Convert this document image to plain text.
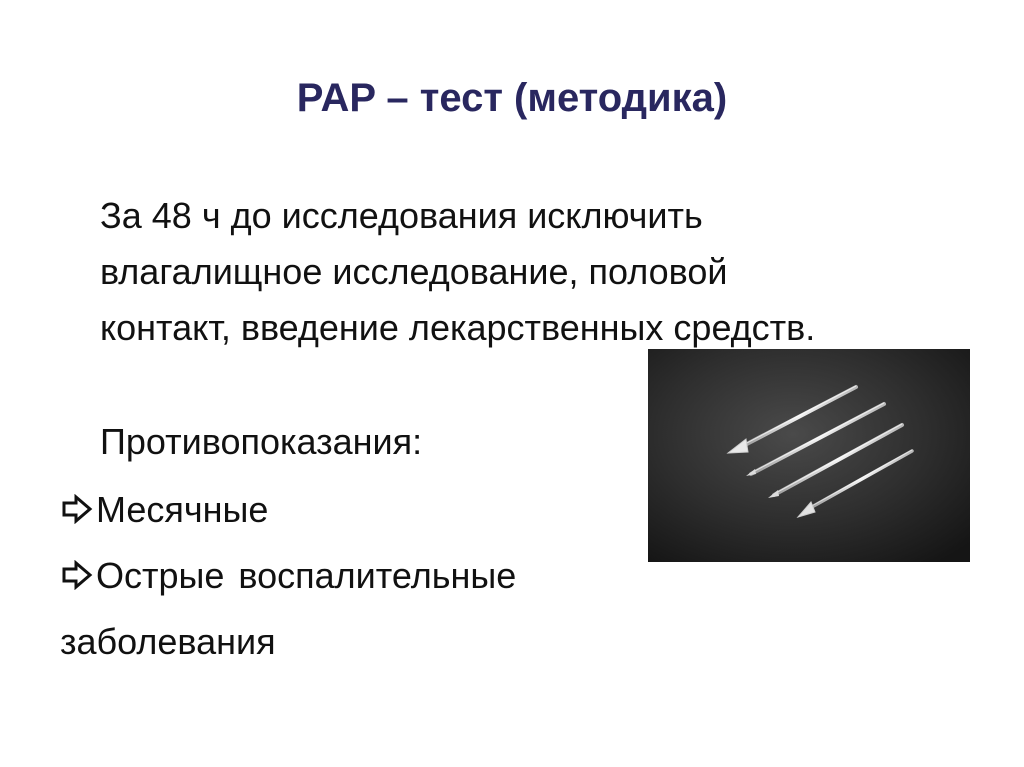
PAP – тест (методика)

За 48 ч до исследования исключить влагалищное исследование, половой контакт, введение лекарственных средств.

Противопоказания:

Месячные

Острые воспалительные

заболевания
